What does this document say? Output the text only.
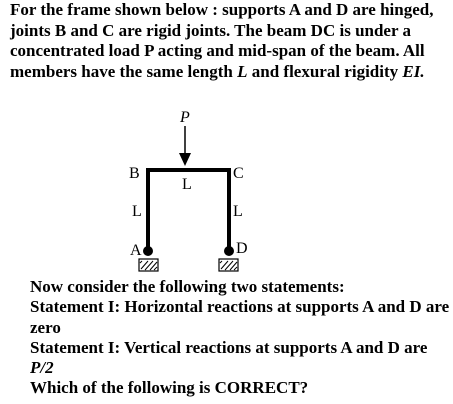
For the frame shown below : supports A and D are hinged, joints B and C are rigid joints. The beam DC is under a concentrated load P acting and mid-span of the beam. All members have the same length L and flexural rigidity EI.

P
B	C
L
L	L
A	D

Now consider the following two statements:

Statement I: Horizontal reactions at supports A and D are zero

Statement I: Vertical reactions at supports A and D are P/2

Which of the following is CORRECT?
